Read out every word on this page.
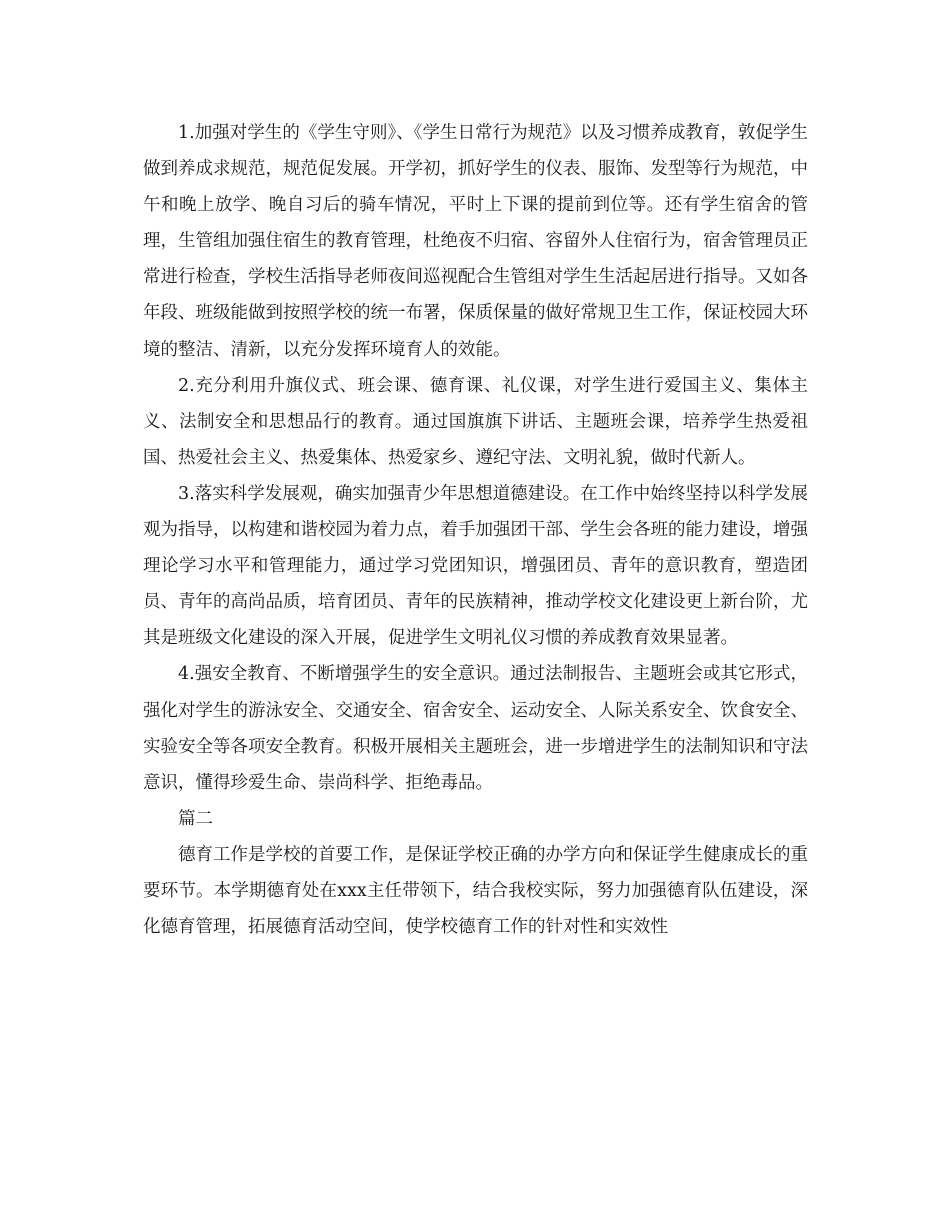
1.加强对学生的《学生守则》、《学生日常行为规范》以及习惯养成教育，敦促学生做到养成求规范，规范促发展。开学初，抓好学生的仪表、服饰、发型等行为规范，中午和晚上放学、晚自习后的骑车情况，平时上下课的提前到位等。还有学生宿舍的管理，生管组加强住宿生的教育管理，杜绝夜不归宿、容留外人住宿行为，宿舍管理员正常进行检查，学校生活指导老师夜间巡视配合生管组对学生生活起居进行指导。又如各年段、班级能做到按照学校的统一布署，保质保量的做好常规卫生工作，保证校园大环境的整洁、清新，以充分发挥环境育人的效能。

2.充分利用升旗仪式、班会课、德育课、礼仪课，对学生进行爱国主义、集体主义、法制安全和思想品行的教育。通过国旗旗下讲话、主题班会课，培养学生热爱祖国、热爱社会主义、热爱集体、热爱家乡、遵纪守法、文明礼貌，做时代新人。

3.落实科学发展观，确实加强青少年思想道德建设。在工作中始终坚持以科学发展观为指导，以构建和谐校园为着力点，着手加强团干部、学生会各班的能力建设，增强理论学习水平和管理能力，通过学习党团知识，增强团员、青年的意识教育，塑造团员、青年的高尚品质，培育团员、青年的民族精神，推动学校文化建设更上新台阶，尤其是班级文化建设的深入开展，促进学生文明礼仪习惯的养成教育效果显著。

4.强安全教育、不断增强学生的安全意识。通过法制报告、主题班会或其它形式，强化对学生的游泳安全、交通安全、宿舍安全、运动安全、人际关系安全、饮食安全、实验安全等各项安全教育。积极开展相关主题班会，进一步增进学生的法制知识和守法意识，懂得珍爱生命、崇尚科学、拒绝毒品。

篇二

德育工作是学校的首要工作，是保证学校正确的办学方向和保证学生健康成长的重要环节。本学期德育处在xxx主任带领下，结合我校实际，努力加强德育队伍建设，深化德育管理，拓展德育活动空间，使学校德育工作的针对性和实效性
